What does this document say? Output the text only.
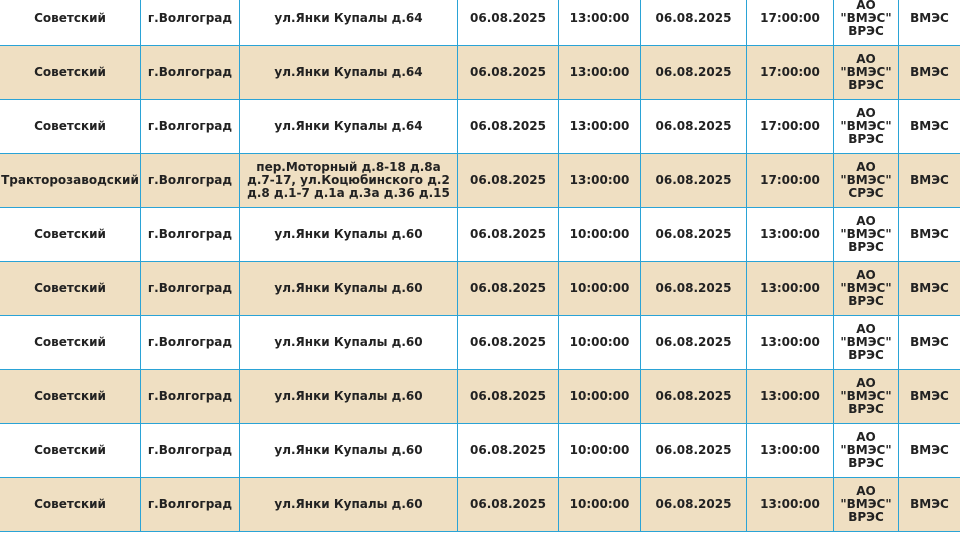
Советский	г.Волгоград	ул.Янки Купалы д.64	06.08.2025	13:00:00	06.08.2025	17:00:00	АО "ВМЭС" ВРЭС	ВМЭС
Советский	г.Волгоград	ул.Янки Купалы д.64	06.08.2025	13:00:00	06.08.2025	17:00:00	АО "ВМЭС" ВРЭС	ВМЭС
Советский	г.Волгоград	ул.Янки Купалы д.64	06.08.2025	13:00:00	06.08.2025	17:00:00	АО "ВМЭС" ВРЭС	ВМЭС
Тракторозаводский	г.Волгоград	пер.Моторный д.8-18 д.8а д.7-17, ул.Коцюбинского д.2 д.8 д.1-7 д.1а д.3а д.36 д.15	06.08.2025	13:00:00	06.08.2025	17:00:00	АО "ВМЭС" СРЭС	ВМЭС
Советский	г.Волгоград	ул.Янки Купалы д.60	06.08.2025	10:00:00	06.08.2025	13:00:00	АО "ВМЭС" ВРЭС	ВМЭС
Советский	г.Волгоград	ул.Янки Купалы д.60	06.08.2025	10:00:00	06.08.2025	13:00:00	АО "ВМЭС" ВРЭС	ВМЭС
Советский	г.Волгоград	ул.Янки Купалы д.60	06.08.2025	10:00:00	06.08.2025	13:00:00	АО "ВМЭС" ВРЭС	ВМЭС
Советский	г.Волгоград	ул.Янки Купалы д.60	06.08.2025	10:00:00	06.08.2025	13:00:00	АО "ВМЭС" ВРЭС	ВМЭС
Советский	г.Волгоград	ул.Янки Купалы д.60	06.08.2025	10:00:00	06.08.2025	13:00:00	АО "ВМЭС" ВРЭС	ВМЭС
Советский	г.Волгоград	ул.Янки Купалы д.60	06.08.2025	10:00:00	06.08.2025	13:00:00	АО "ВМЭС" ВРЭС	ВМЭС
